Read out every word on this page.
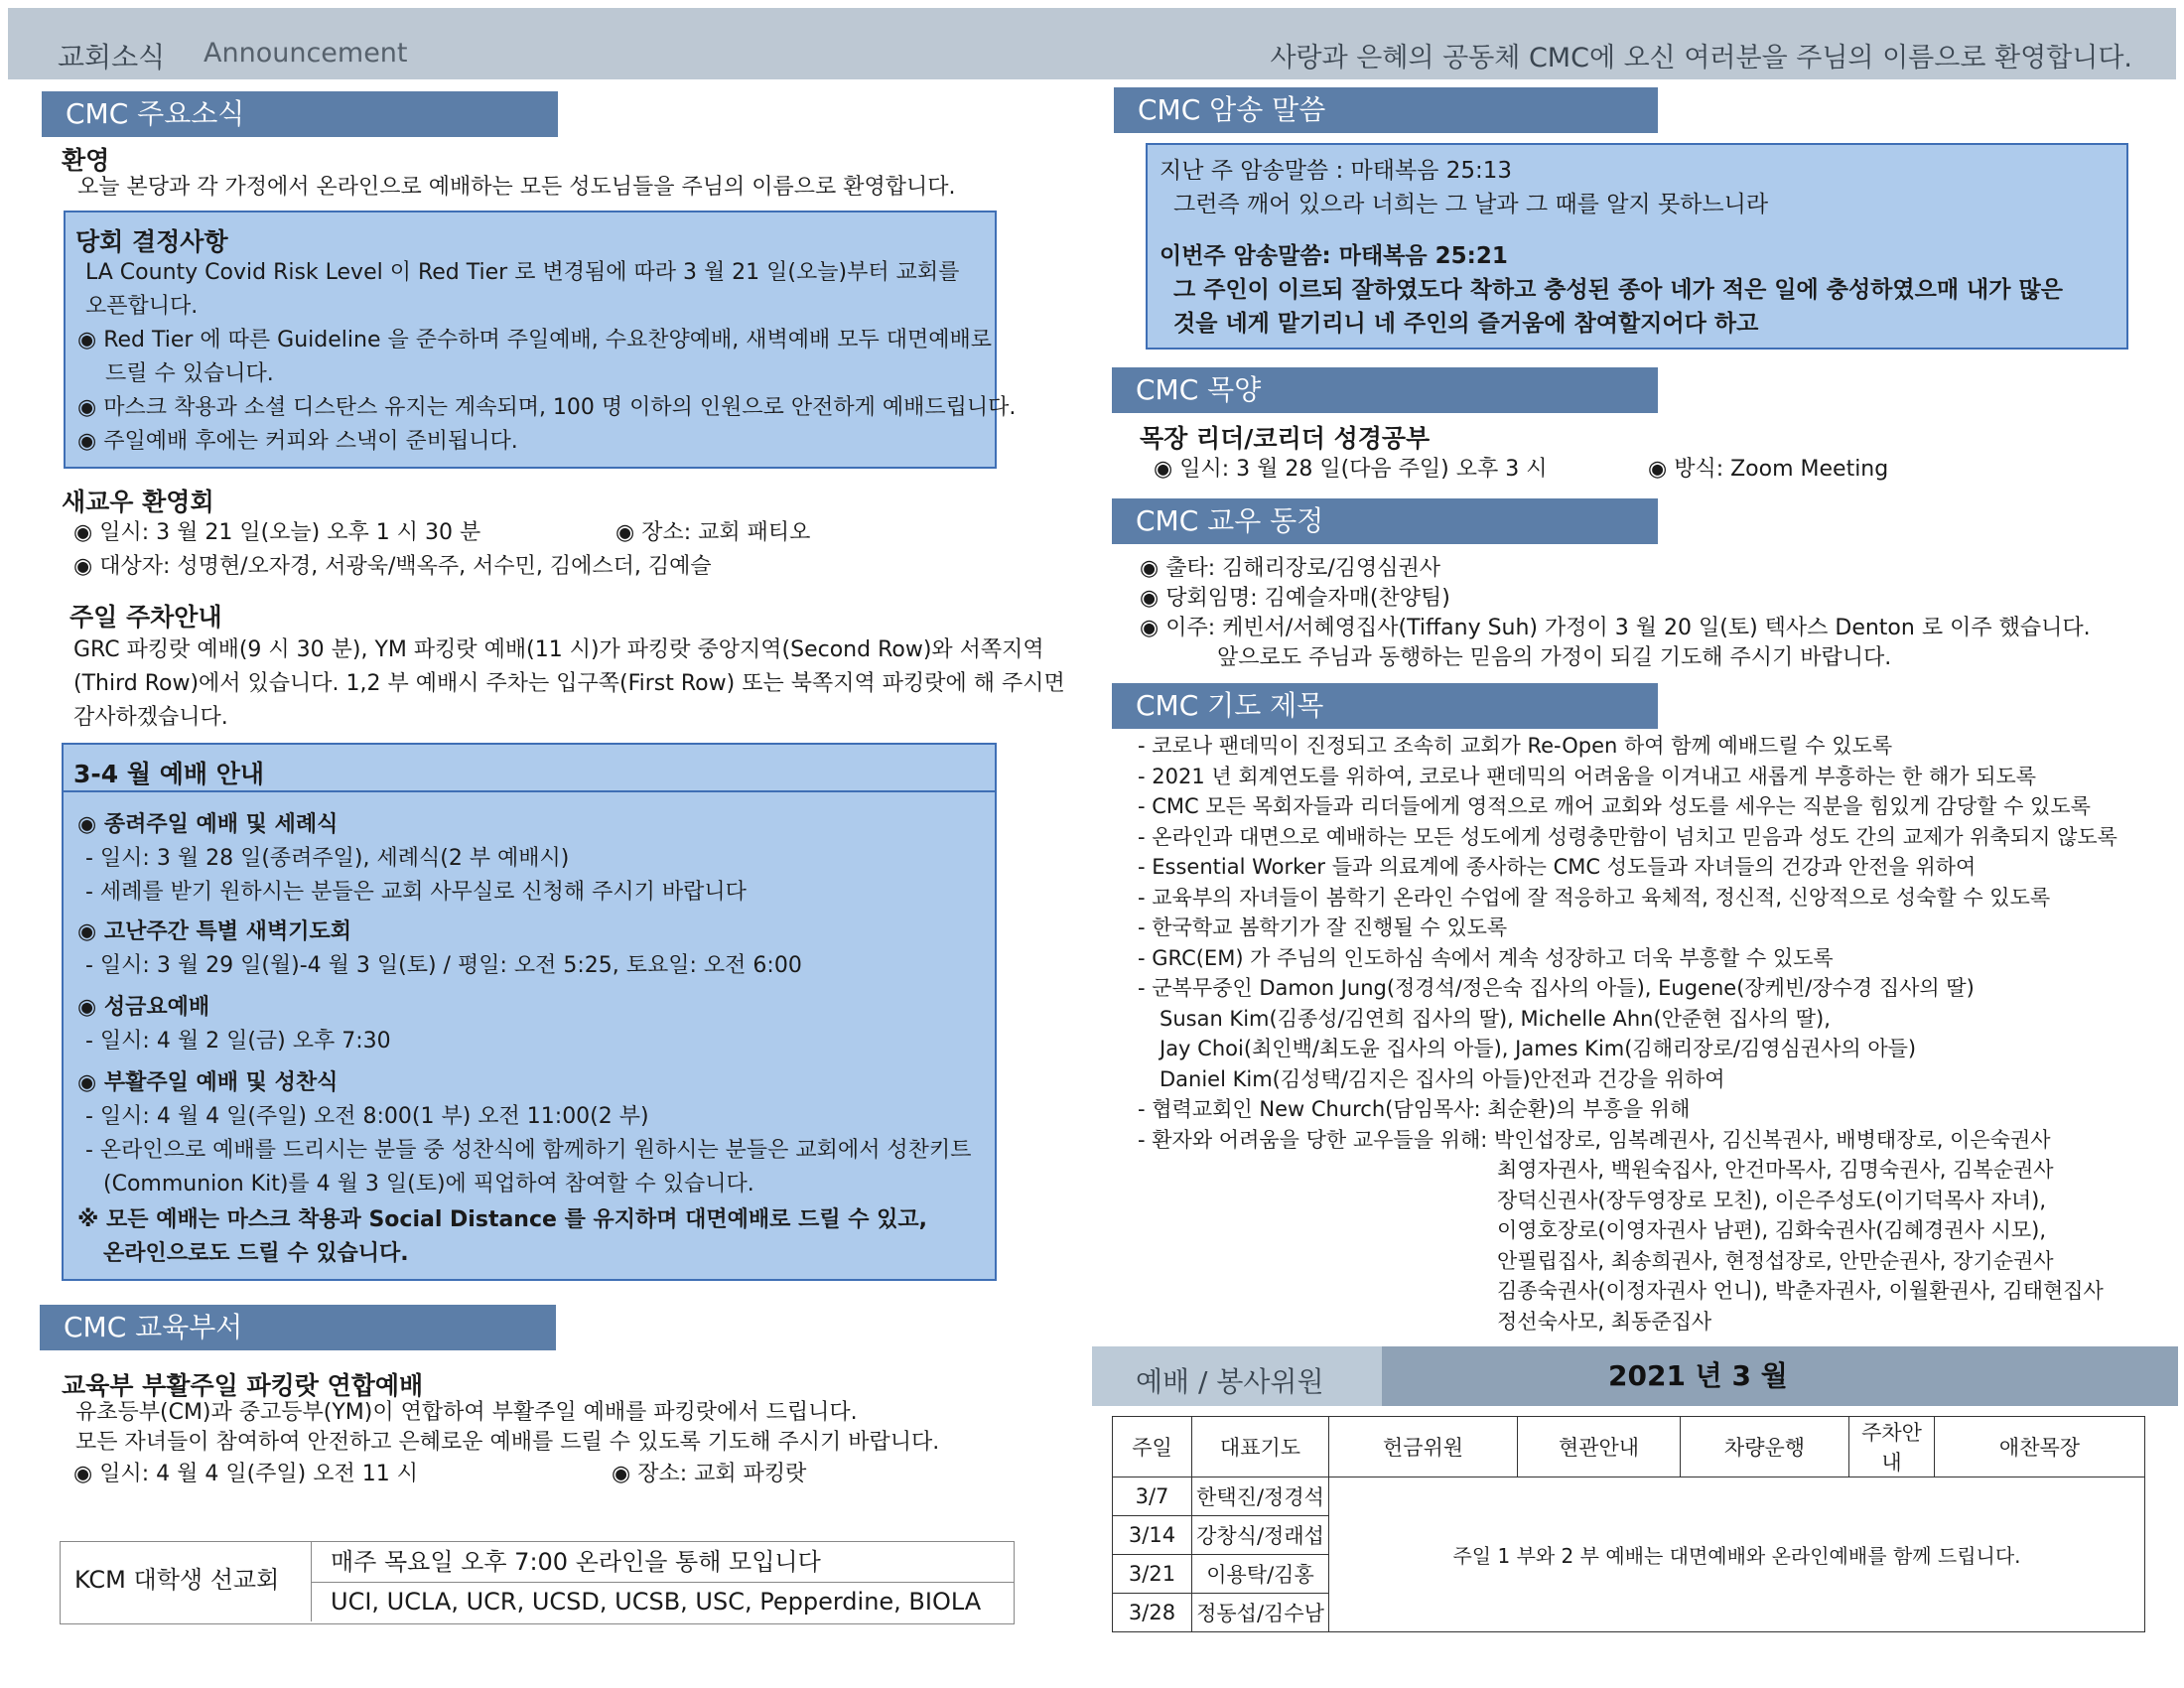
교회소식 Announcement	사랑과 은혜의 공동체 CMC에 오신 여러분을 주님의 이름으로 환영합니다.
CMC 주요소식
환영
오늘 본당과 각 가정에서 온라인으로 예배하는 모든 성도님들을 주님의 이름으로 환영합니다.
당회 결정사항
LA County Covid Risk Level 이 Red Tier 로 변경됨에 따라 3 월 21 일(오늘)부터 교회를
오픈합니다.
◉ Red Tier 에 따른 Guideline 을 준수하며 주일예배, 수요찬양예배, 새벽예배 모두 대면예배로
드릴 수 있습니다.
◉ 마스크 착용과 소셜 디스탄스 유지는 계속되며, 100 명 이하의 인원으로 안전하게 예배드립니다.
◉ 주일예배 후에는 커피와 스낵이 준비됩니다.
새교우 환영회
◉ 일시: 3 월 21 일(오늘) 오후 1 시 30 분	◉ 장소: 교회 패티오
◉ 대상자: 성명현/오자경, 서광욱/백옥주, 서수민, 김에스더, 김예슬
주일 주차안내
GRC 파킹랏 예배(9 시 30 분), YM 파킹랏 예배(11 시)가 파킹랏 중앙지역(Second Row)와 서쪽지역
(Third Row)에서 있습니다. 1,2 부 예배시 주차는 입구쪽(First Row) 또는 북쪽지역 파킹랏에 해 주시면
감사하겠습니다.
3-4 월 예배 안내
◉ 종려주일 예배 및 세례식
- 일시: 3 월 28 일(종려주일), 세례식(2 부 예배시)
- 세례를 받기 원하시는 분들은 교회 사무실로 신청해 주시기 바랍니다
◉ 고난주간 특별 새벽기도회
- 일시: 3 월 29 일(월)-4 월 3 일(토) / 평일: 오전 5:25, 토요일: 오전 6:00
◉ 성금요예배
- 일시: 4 월 2 일(금) 오후 7:30
◉ 부활주일 예배 및 성찬식
- 일시: 4 월 4 일(주일) 오전 8:00(1 부) 오전 11:00(2 부)
- 온라인으로 예배를 드리시는 분들 중 성찬식에 함께하기 원하시는 분들은 교회에서 성찬키트
(Communion Kit)를 4 월 3 일(토)에 픽업하여 참여할 수 있습니다.
※ 모든 예배는 마스크 착용과 Social Distance 를 유지하며 대면예배로 드릴 수 있고,
온라인으로도 드릴 수 있습니다.
CMC 교육부서
교육부 부활주일 파킹랏 연합예배
유초등부(CM)과 중고등부(YM)이 연합하여 부활주일 예배를 파킹랏에서 드립니다.
모든 자녀들이 참여하여 안전하고 은혜로운 예배를 드릴 수 있도록 기도해 주시기 바랍니다.
◉ 일시: 4 월 4 일(주일) 오전 11 시	◉ 장소: 교회 파킹랏
KCM 대학생 선교회
매주 목요일 오후 7:00 온라인을 통해 모입니다
UCI, UCLA, UCR, UCSD, UCSB, USC, Pepperdine, BIOLA
CMC 암송 말씀
지난 주 암송말씀 : 마태복음 25:13
그런즉 깨어 있으라 너희는 그 날과 그 때를 알지 못하느니라
이번주 암송말씀: 마태복음 25:21
그 주인이 이르되 잘하였도다 착하고 충성된 종아 네가 적은 일에 충성하였으매 내가 많은
것을 네게 맡기리니 네 주인의 즐거움에 참여할지어다 하고
CMC 목양
목장 리더/코리더 성경공부
◉ 일시: 3 월 28 일(다음 주일) 오후 3 시	◉ 방식: Zoom Meeting
CMC 교우 동정
◉ 출타: 김해리장로/김영심권사
◉ 당회임명: 김예슬자매(찬양팀)
◉ 이주: 케빈서/서혜영집사(Tiffany Suh) 가정이 3 월 20 일(토) 텍사스 Denton 로 이주 했습니다.
앞으로도 주님과 동행하는 믿음의 가정이 되길 기도해 주시기 바랍니다.
CMC 기도 제목
- 코로나 팬데믹이 진정되고 조속히 교회가 Re-Open 하여 함께 예배드릴 수 있도록
- 2021 년 회계연도를 위하여, 코로나 팬데믹의 어려움을 이겨내고 새롭게 부흥하는 한 해가 되도록
- CMC 모든 목회자들과 리더들에게 영적으로 깨어 교회와 성도를 세우는 직분을 힘있게 감당할 수 있도록
- 온라인과 대면으로 예배하는 모든 성도에게 성령충만함이 넘치고 믿음과 성도 간의 교제가 위축되지 않도록
- Essential Worker 들과 의료계에 종사하는 CMC 성도들과 자녀들의 건강과 안전을 위하여
- 교육부의 자녀들이 봄학기 온라인 수업에 잘 적응하고 육체적, 정신적, 신앙적으로 성숙할 수 있도록
- 한국학교 봄학기가 잘 진행될 수 있도록
- GRC(EM) 가 주님의 인도하심 속에서 계속 성장하고 더욱 부흥할 수 있도록
- 군복무중인 Damon Jung(정경석/정은숙 집사의 아들), Eugene(장케빈/장수경 집사의 딸)
Susan Kim(김종성/김연희 집사의 딸), Michelle Ahn(안준현 집사의 딸),
Jay Choi(최인백/최도윤 집사의 아들), James Kim(김해리장로/김영심권사의 아들)
Daniel Kim(김성택/김지은 집사의 아들)안전과 건강을 위하여
- 협력교회인 New Church(담임목사: 최순환)의 부흥을 위해
- 환자와 어려움을 당한 교우들을 위해: 박인섭장로, 임복례권사, 김신복권사, 배병태장로, 이은숙권사
최영자권사, 백원숙집사, 안건마목사, 김명숙권사, 김복순권사
장덕신권사(장두영장로 모친), 이은주성도(이기덕목사 자녀),
이영호장로(이영자권사 남편), 김화숙권사(김혜경권사 시모),
안필립집사, 최송희권사, 현정섭장로, 안만순권사, 장기순권사
김종숙권사(이정자권사 언니), 박춘자권사, 이월환권사, 김태현집사
정선숙사모, 최동준집사
예배 / 봉사위원	2021 년 3 월
주일	대표기도	헌금위원	현관안내	차량운행	주차안내	애찬목장
3/7	한택진/정경석	주일 1 부와 2 부 예배는 대면예배와 온라인예배를 함께 드립니다.				
3/14	강창식/정래섭					
3/21	이용탁/김홍					
3/28	정동섭/김수남					
